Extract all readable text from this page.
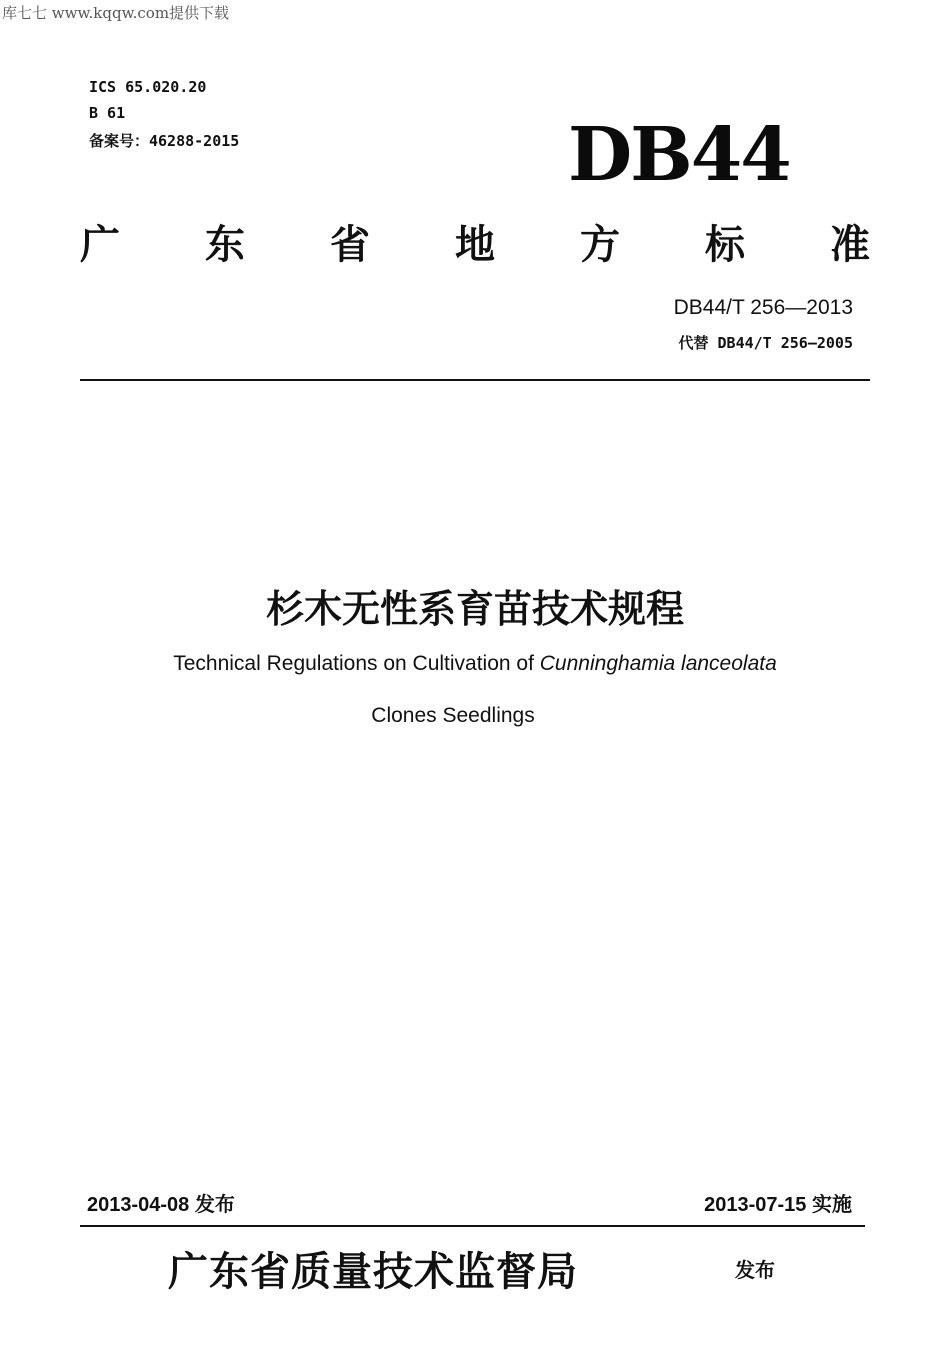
库七七 www.kqqw.com提供下载
ICS 65.020.20
B 61
备案号：46288-2015	DB44
广 东 省 地 方 标 准
DB44/T 256—2013
代替 DB44/T 256—2005
杉木无性系育苗技术规程
Technical Regulations on Cultivation of Cunninghamia lanceolata
Clones Seedlings
2013-04-08 发布	2013-07-15 实施
广东省质量技术监督局	发布
